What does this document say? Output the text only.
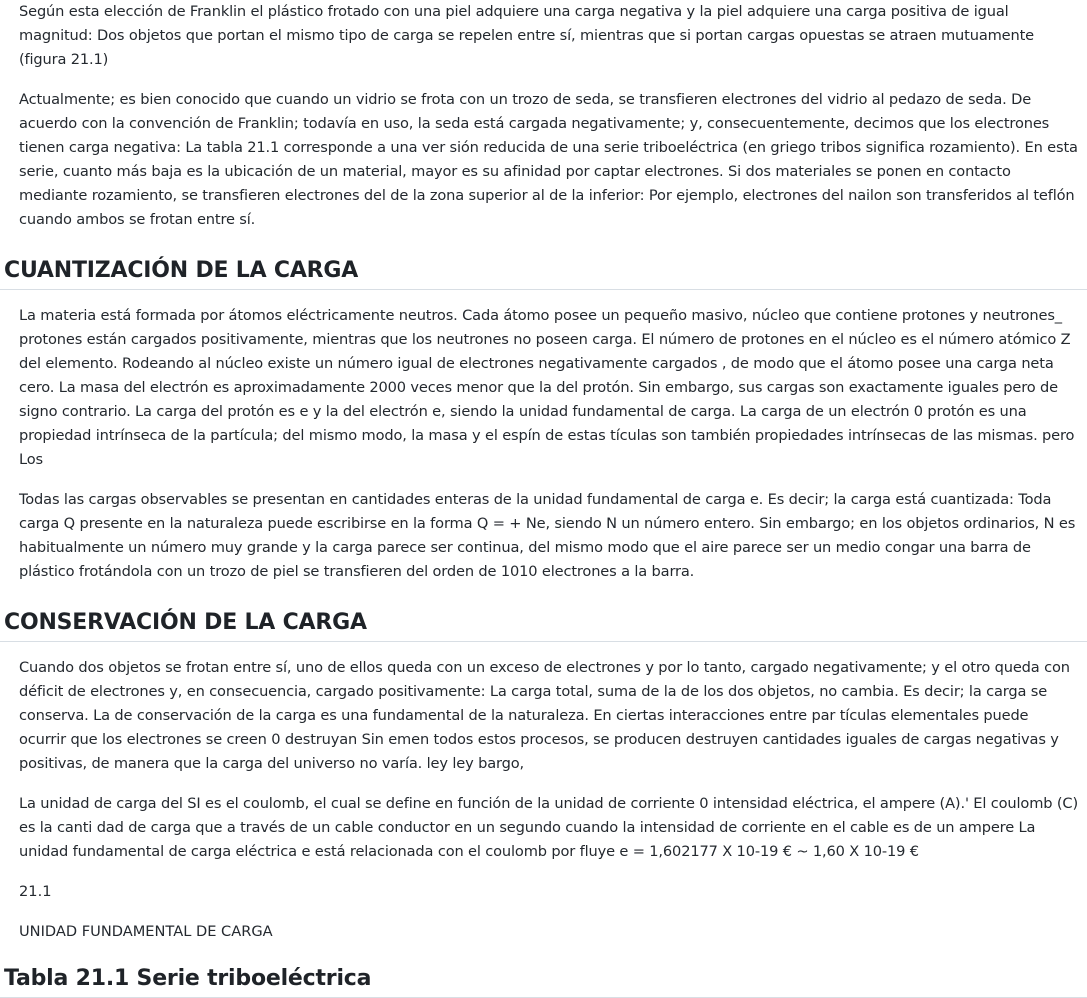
Según esta elección de Franklin el plástico frotado con una piel adquiere una carga negativa y la piel adquiere una carga positiva de igual magnitud: Dos objetos que portan el mismo tipo de carga se repelen entre sí, mientras que si portan cargas opuestas se atraen mutuamente (figura 21.1)

Actualmente; es bien conocido que cuando un vidrio se frota con un trozo de seda, se transfieren electrones del vidrio al pedazo de seda. De acuerdo con la convención de Franklin; todavía en uso, la seda está cargada negativamente; y, consecuentemente, decimos que los electrones tienen carga negativa: La tabla 21.1 corresponde a una ver sión reducida de una serie triboeléctrica (en griego tribos significa rozamiento). En esta serie, cuanto más baja es la ubicación de un material, mayor es su afinidad por captar electrones. Si dos materiales se ponen en contacto mediante rozamiento, se transfieren electrones del de la zona superior al de la inferior: Por ejemplo, electrones del nailon son transferidos al teflón cuando ambos se frotan entre sí.

CUANTIZACIÓN DE LA CARGA

La materia está formada por átomos eléctricamente neutros. Cada átomo posee un pequeño masivo, núcleo que contiene protones y neutrones_ protones están cargados positivamente, mientras que los neutrones no poseen carga. El número de protones en el núcleo es el número atómico Z del elemento. Rodeando al núcleo existe un número igual de electrones negativamente cargados , de modo que el átomo posee una carga neta cero. La masa del electrón es aproximadamente 2000 veces menor que la del protón. Sin embargo, sus cargas son exactamente iguales pero de signo contrario. La carga del protón es e y la del electrón e, siendo la unidad fundamental de carga. La carga de un electrón 0 protón es una propiedad intrínseca de la partícula; del mismo modo, la masa y el espín de estas tículas son también propiedades intrínsecas de las mismas. pero Los

Todas las cargas observables se presentan en cantidades enteras de la unidad fundamental de carga e. Es decir; la carga está cuantizada: Toda carga Q presente en la naturaleza puede escribirse en la forma Q = + Ne, siendo N un número entero. Sin embargo; en los objetos ordinarios, N es habitualmente un número muy grande y la carga parece ser continua, del mismo modo que el aire parece ser un medio congar una barra de plástico frotándola con un trozo de piel se transfieren del orden de 1010 electrones a la barra.

CONSERVACIÓN DE LA CARGA

Cuando dos objetos se frotan entre sí, uno de ellos queda con un exceso de electrones y por lo tanto, cargado negativamente; y el otro queda con déficit de electrones y, en consecuencia, cargado positivamente: La carga total, suma de la de los dos objetos, no cambia. Es decir; la carga se conserva. La de conservación de la carga es una fundamental de la naturaleza. En ciertas interacciones entre par tículas elementales puede ocurrir que los electrones se creen 0 destruyan Sin emen todos estos procesos, se producen destruyen cantidades iguales de cargas negativas y positivas, de manera que la carga del universo no varía. ley ley bargo,

La unidad de carga del SI es el coulomb, el cual se define en función de la unidad de corriente 0 intensidad eléctrica, el ampere (A).' El coulomb (C) es la canti dad de carga que a través de un cable conductor en un segundo cuando la intensidad de corriente en el cable es de un ampere La unidad fundamental de carga eléctrica e está relacionada con el coulomb por fluye e = 1,602177 X 10-19 € ~ 1,60 X 10-19 €

21.1

UNIDAD FUNDAMENTAL DE CARGA

Tabla 21.1 Serie triboeléctrica
